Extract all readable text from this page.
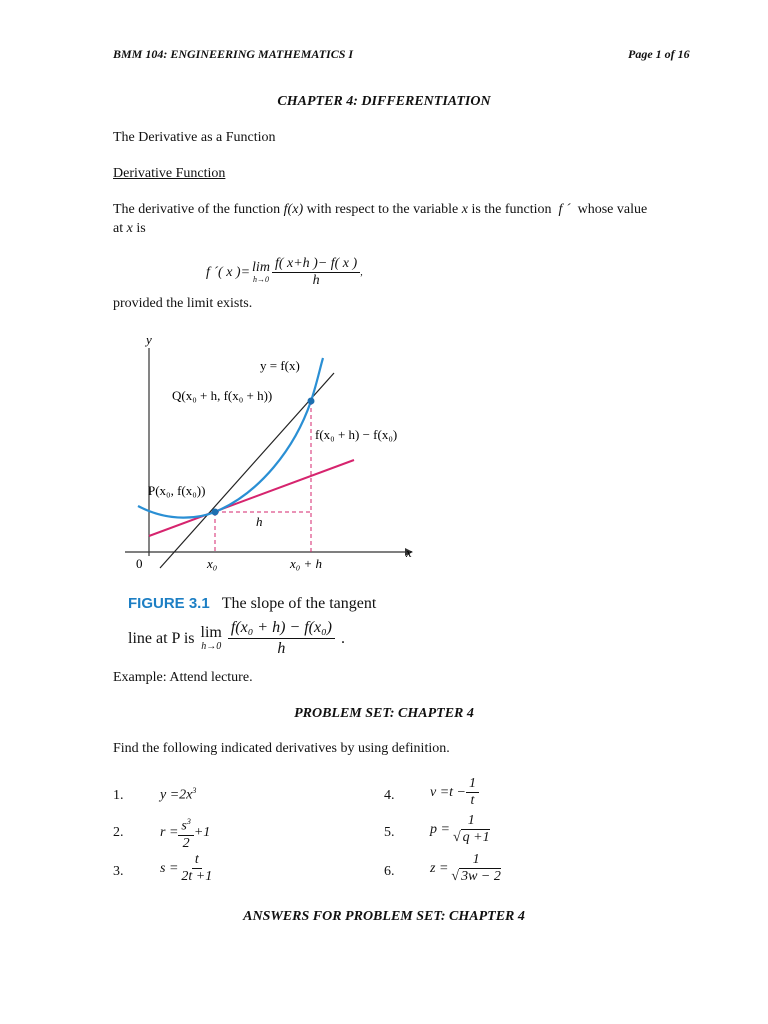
BMM 104: ENGINEERING MATHEMATICS I	Page 1 of 16
CHAPTER 4: DIFFERENTIATION
The Derivative as a Function
Derivative Function
The derivative of the function f(x) with respect to the variable x is the function f ´ whose value
at x is
f ´( x )= lim
$h\to 0 \frac{f( x+h )- f( x )}{h}$ ,
provided the limit exists.
y
x
0
y = f(x)
Q(x₀ + h, f(x₀ + h))
f(x₀ + h) − f(x₀)
P(x₀, f(x₀))
h
x₀	x₀ + h
FIGURE 3.1 The slope of the tangent
line at P is lim
$h\to 0 \frac{\text{f(x₀ + h) − f(x₀)}}{h}$ .
Example: Attend lecture.
PROBLEM SET: CHAPTER 4
Find the following indicated derivatives by using definition.
1.	$y =2x^3$
2.	$r = \frac{s^3}{2} +1$
3.	$s = \frac{t}{2t +1}$
4.	$v =t - \frac{1}{t}$
5.	$p = \frac{1}{√ q +1}$
6.	$z = \frac{1}{√ 3w - 2}$
ANSWERS FOR PROBLEM SET: CHAPTER 4
